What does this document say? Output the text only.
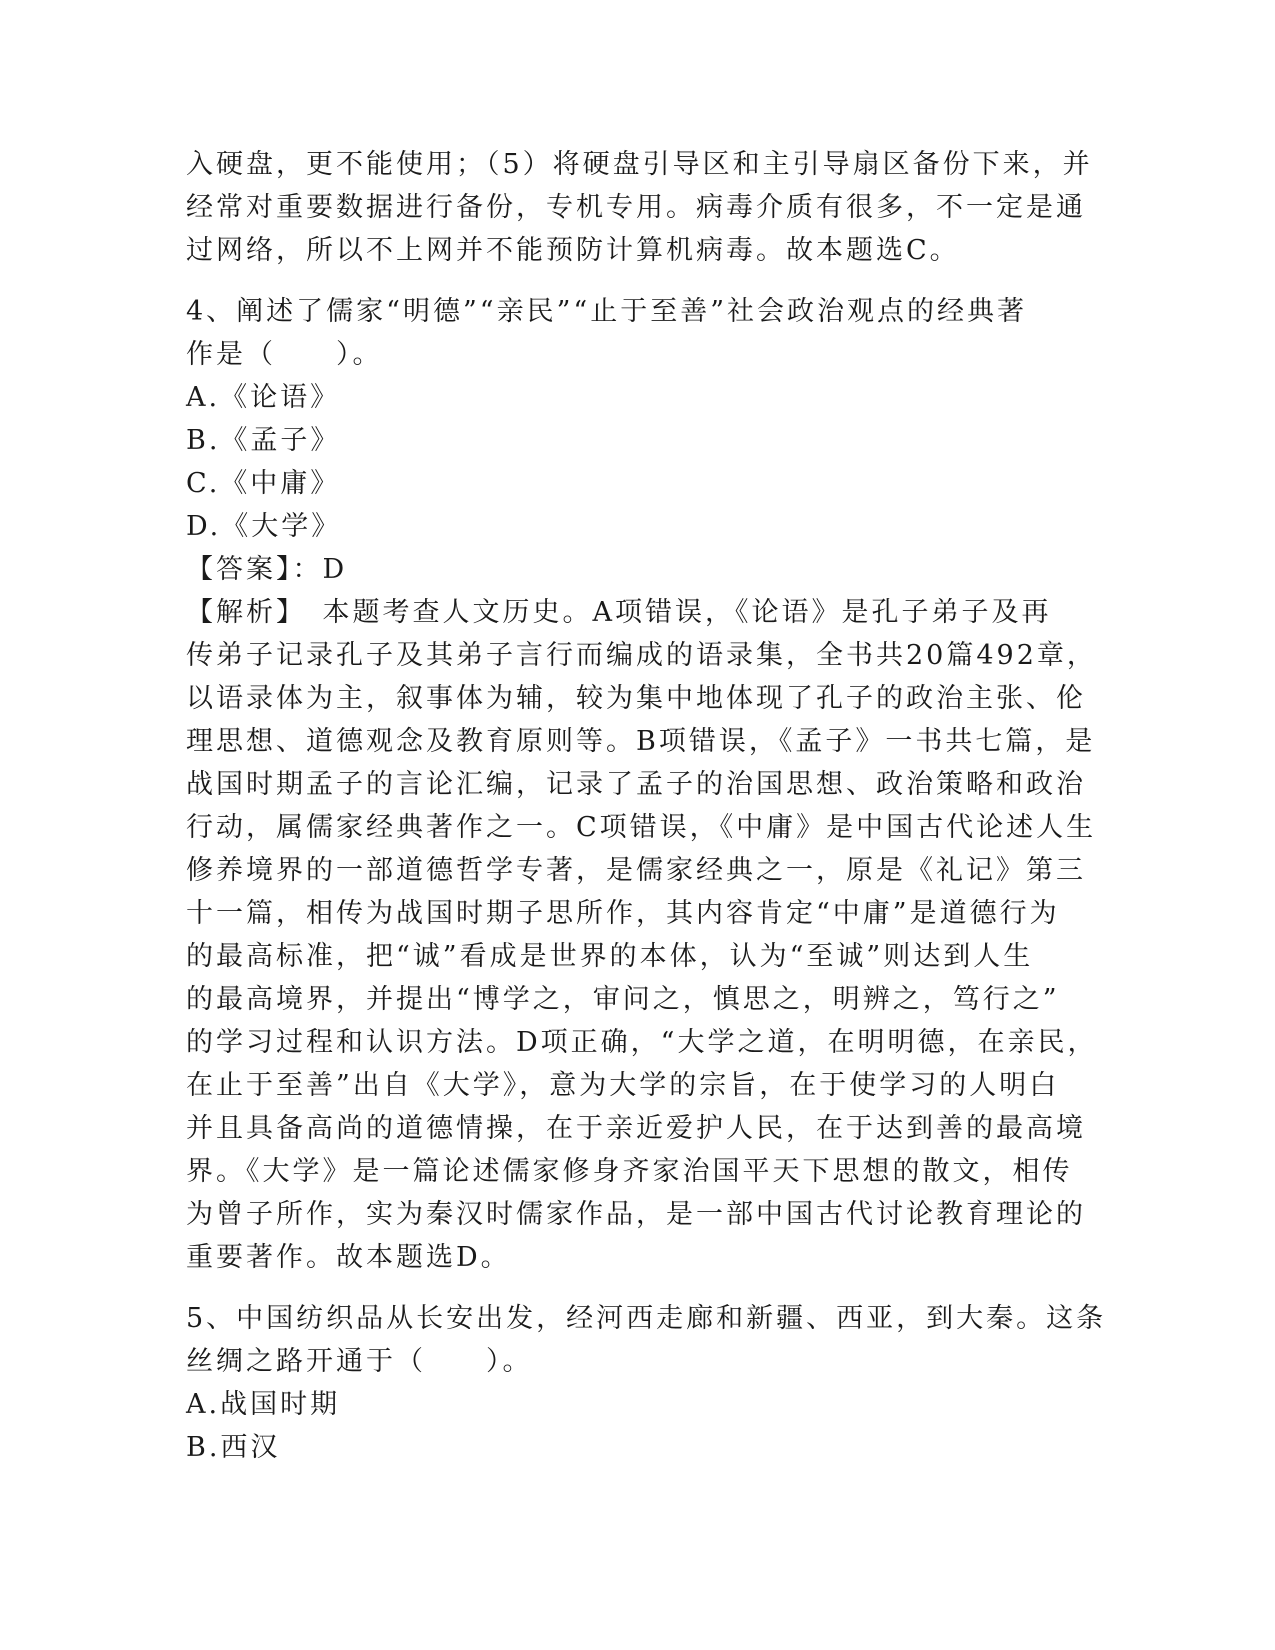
入硬盘，更不能使用；（5）将硬盘引导区和主引导扇区备份下来，并
经常对重要数据进行备份，专机专用。病毒介质有很多，不一定是通
过网络，所以不上网并不能预防计算机病毒。故本题选C。
4、阐述了儒家“明德”“亲民”“止于至善”社会政治观点的经典著
作是（　　）。
A.《论语》
B.《孟子》
C.《中庸》
D.《大学》
【答案】：D
【解析】　本题考查人文历史。A项错误，《论语》是孔子弟子及再
传弟子记录孔子及其弟子言行而编成的语录集，全书共20篇492章，
以语录体为主，叙事体为辅，较为集中地体现了孔子的政治主张、伦
理思想、道德观念及教育原则等。B项错误，《孟子》一书共七篇，是
战国时期孟子的言论汇编，记录了孟子的治国思想、政治策略和政治
行动，属儒家经典著作之一。C项错误，《中庸》是中国古代论述人生
修养境界的一部道德哲学专著，是儒家经典之一，原是《礼记》第三
十一篇，相传为战国时期子思所作，其内容肯定“中庸”是道德行为
的最高标准，把“诚”看成是世界的本体，认为“至诚”则达到人生
的最高境界，并提出“博学之，审问之，慎思之，明辨之，笃行之”
的学习过程和认识方法。D项正确，“大学之道，在明明德，在亲民，
在止于至善”出自《大学》，意为大学的宗旨，在于使学习的人明白
并且具备高尚的道德情操，在于亲近爱护人民，在于达到善的最高境
界。《大学》是一篇论述儒家修身齐家治国平天下思想的散文，相传
为曾子所作，实为秦汉时儒家作品，是一部中国古代讨论教育理论的
重要著作。故本题选D。
5、中国纺织品从长安出发，经河西走廊和新疆、西亚，到大秦。这条
丝绸之路开通于（　　）。
A.战国时期
B.西汉
